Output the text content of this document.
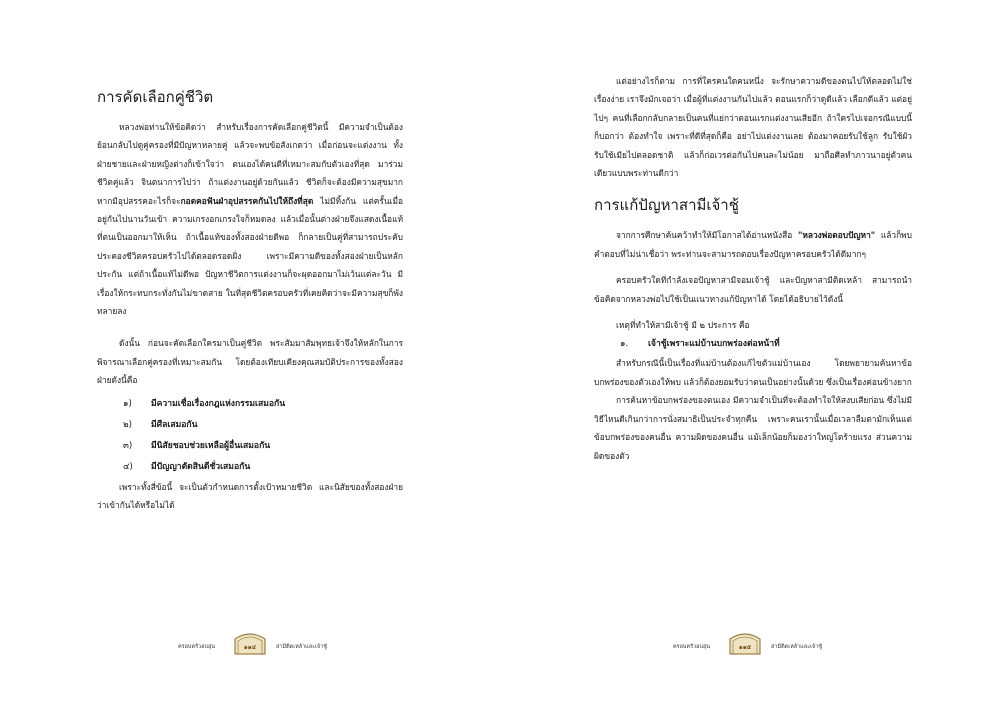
การคัดเลือกคู่ชีวิต

หลวงพ่อท่านให้ข้อคิดว่า สำหรับเรื่องการคัดเลือกคู่ชีวิตนี้ มีความจำเป็นต้องย้อนกลับไปดูคู่ครองที่มีปัญหาหลายคู่ แล้วจะพบข้อสังเกตว่า เมื่อก่อนจะแต่งงาน ทั้งฝ่ายชายและฝ่ายหญิงต่างก็เข้าใจว่า ตนเองได้คนดีที่เหมาะสมกับตัวเองที่สุด มาร่วมชีวิตคู่แล้ว จินตนาการไปว่า ถ้าแต่งงานอยู่ด้วยกันแล้ว ชีวิตก็จะต้องมีความสุขมาก หากมีอุปสรรคอะไรก็จะกอดคอฟันฝ่าอุปสรรคกันไปให้ถึงที่สุด ไม่มีทิ้งกัน แต่ครั้นเมื่ออยู่กันไปนานวันเข้า ความเกรงอกเกรงใจก็หมดลง แล้วเมื่อนั้นต่างฝ่ายจึงแสดงเนื้อแท้ที่ตนเป็นออกมาให้เห็น ถ้าเนื้อแท้ของทั้งสองฝ่ายดีพอ ก็กลายเป็นคู่ที่สามารถประคับประคองชีวิตครอบครัวไปได้ตลอดรอดฝั่ง เพราะมีความดีของทั้งสองฝ่ายเป็นหลักประกัน แต่ถ้าเนื้อแท้ไม่ดีพอ ปัญหาชีวิตการแต่งงานก็จะผุดออกมาไม่เว้นแต่ละวัน มีเรื่องให้กระทบกระทั่งกันไม่ขาดสาย ในที่สุดชีวิตครอบครัวที่เคยคิดว่าจะมีความสุขก็พังทลายลง

ดังนั้น ก่อนจะคัดเลือกใครมาเป็นคู่ชีวิต พระสัมมาสัมพุทธเจ้าจึงให้หลักในการพิจารณาเลือกคู่ครองที่เหมาะสมกัน โดยต้องเทียบเคียงคุณสมบัติประการของทั้งสองฝ่ายดังนี้คือ

๑) มีความเชื่อเรื่องกฎแห่งกรรมเสมอกัน
๒) มีศีลเสมอกัน
๓) มีนิสัยชอบช่วยเหลือผู้อื่นเสมอกัน
๔) มีปัญญาตัดสินดีชั่วเสมอกัน

เพราะทั้งสี่ข้อนี้ จะเป็นตัวกำหนดการตั้งเป้าหมายชีวิต และนิสัยของทั้งสองฝ่ายว่าเข้ากันได้หรือไม่ได้

ครอบครัวอบอุ่น	๑๑๔	สามีติดเหล้าและเจ้าชู้

แต่อย่างไรก็ตาม การที่ใครคนใดคนหนึ่ง จะรักษาความดีของตนไปให้ตลอดไม่ใช่เรื่องง่าย เราจึงมักเจอว่า เมื่อผู้ที่แต่งงานกันไปแล้ว ตอนแรกก็ว่าดูดีแล้ว เลือกดีแล้ว แต่อยู่ไปๆ คนที่เลือกกลับกลายเป็นคนที่แย่กว่าตอนแรกแต่งงานเสียอีก ถ้าใครไปเจอกรณีแบบนี้ก็บอกว่า ต้องทำใจ เพราะที่ดีที่สุดก็คือ อย่าไปแต่งงานเลย ต้องมาคอยรับใช้ลูก รับใช้ผัว รับใช้เมียไปตลอดชาติ แล้วก็ก่อเวรต่อกันไปคนละไม่น้อย มาถือศีลทำภาวนาอยู่ตัวคนเดียวแบบพระท่านดีกว่า

การแก้ปัญหาสามีเจ้าชู้

จากการศึกษาค้นคว้าทำให้มีโอกาสได้อ่านหนังสือ "หลวงพ่อตอบปัญหา" แล้วก็พบคำตอบที่ไม่น่าเชื่อว่า พระท่านจะสามารถตอบเรื่องปัญหาครอบครัวได้ดีมากๆ

ครอบครัวใดที่กำลังเจอปัญหาสามีจอมเจ้าชู้ และปัญหาสามีติดเหล้า สามารถนำข้อคิดจากหลวงพ่อไปใช้เป็นแนวทางแก้ปัญหาได้ โดยได้อธิบายไว้ดังนี้

เหตุที่ทำให้สามีเจ้าชู้ มี ๒ ประการ คือ

๑. เจ้าชู้เพราะแม่บ้านบกพร่องต่อหน้าที่

สำหรับกรณีนี้เป็นเรื่องที่แม่บ้านต้องแก้ไขตัวแม่บ้านเอง โดยพยายามค้นหาข้อบกพร่องของตัวเองให้พบ แล้วก็ต้องยอมรับว่าตนเป็นอย่างนั้นด้วย ซึ่งเป็นเรื่องค่อนข้างยาก

การค้นหาข้อบกพร่องของตนเอง มีความจำเป็นที่จะต้องทำใจให้สงบเสียก่อน ซึ่งไม่มีวิธีไหนดีเกินกว่าการนั่งสมาธิเป็นประจำทุกคืน เพราะคนเรานั้นเมื่อเวลาลืมตามักเห็นแต่ข้อบกพร่องของคนอื่น ความผิดของคนอื่น แม้เล็กน้อยก็มองว่าใหญ่โตร้ายแรง ส่วนความผิดของตัว

ครอบครัวอบอุ่น	๑๑๕	สามีติดเหล้าและเจ้าชู้
